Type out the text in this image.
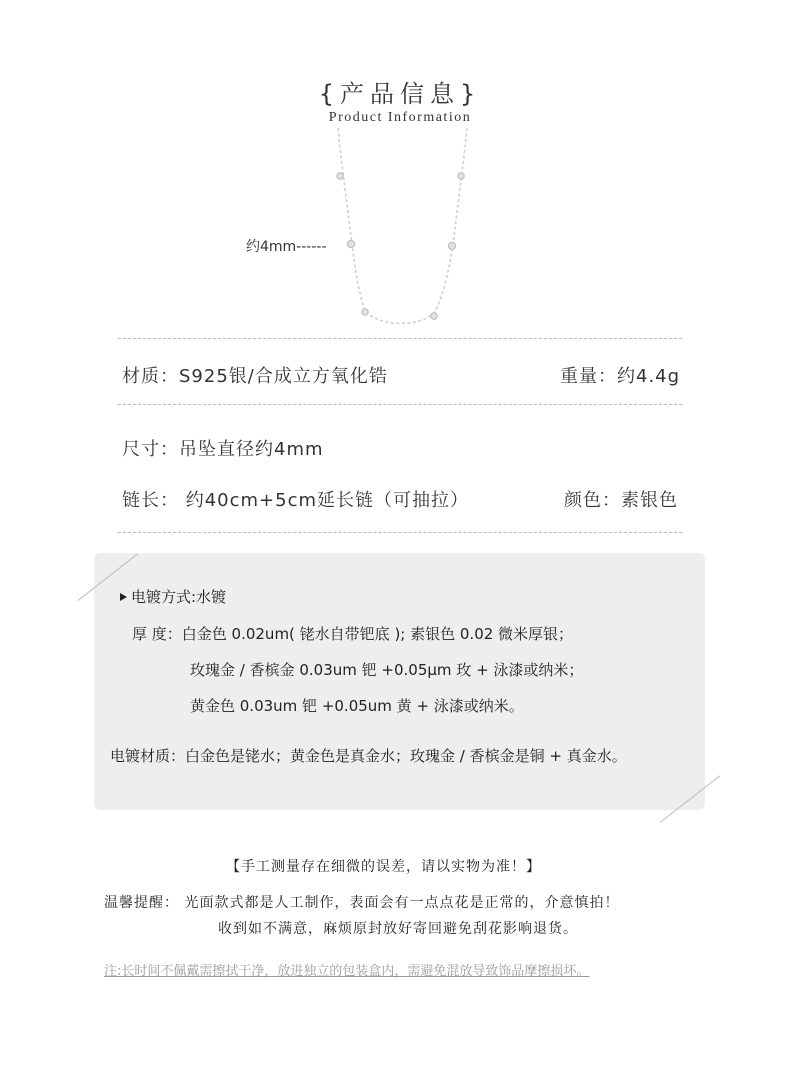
{产品信息}
Product Information
约4mm------
材质：S925银/合成立方氧化锆	重量：约4.4g
尺寸：吊坠直径约4mm
链长： 约40cm+5cm延长链（可抽拉）	颜色：素银色
电镀方式:水镀
厚 度：白金色 0.02um( 铑水自带钯底 ); 素银色 0.02 微米厚银；
玫瑰金 / 香槟金 0.03um 钯 +0.05μm 玫 + 泳漆或纳米；
黄金色 0.03um 钯 +0.05um 黄 + 泳漆或纳米。
电镀材质：白金色是铑水；黄金色是真金水；玫瑰金 / 香槟金是铜 + 真金水。
【手工测量存在细微的误差，请以实物为准！】
温馨提醒： 光面款式都是人工制作，表面会有一点点花是正常的，介意慎拍！
收到如不满意，麻烦原封放好寄回避免刮花影响退货。
注:长时间不佩戴需擦拭干净，放进独立的包装盒内，需避免混放导致饰品摩擦损坏。
